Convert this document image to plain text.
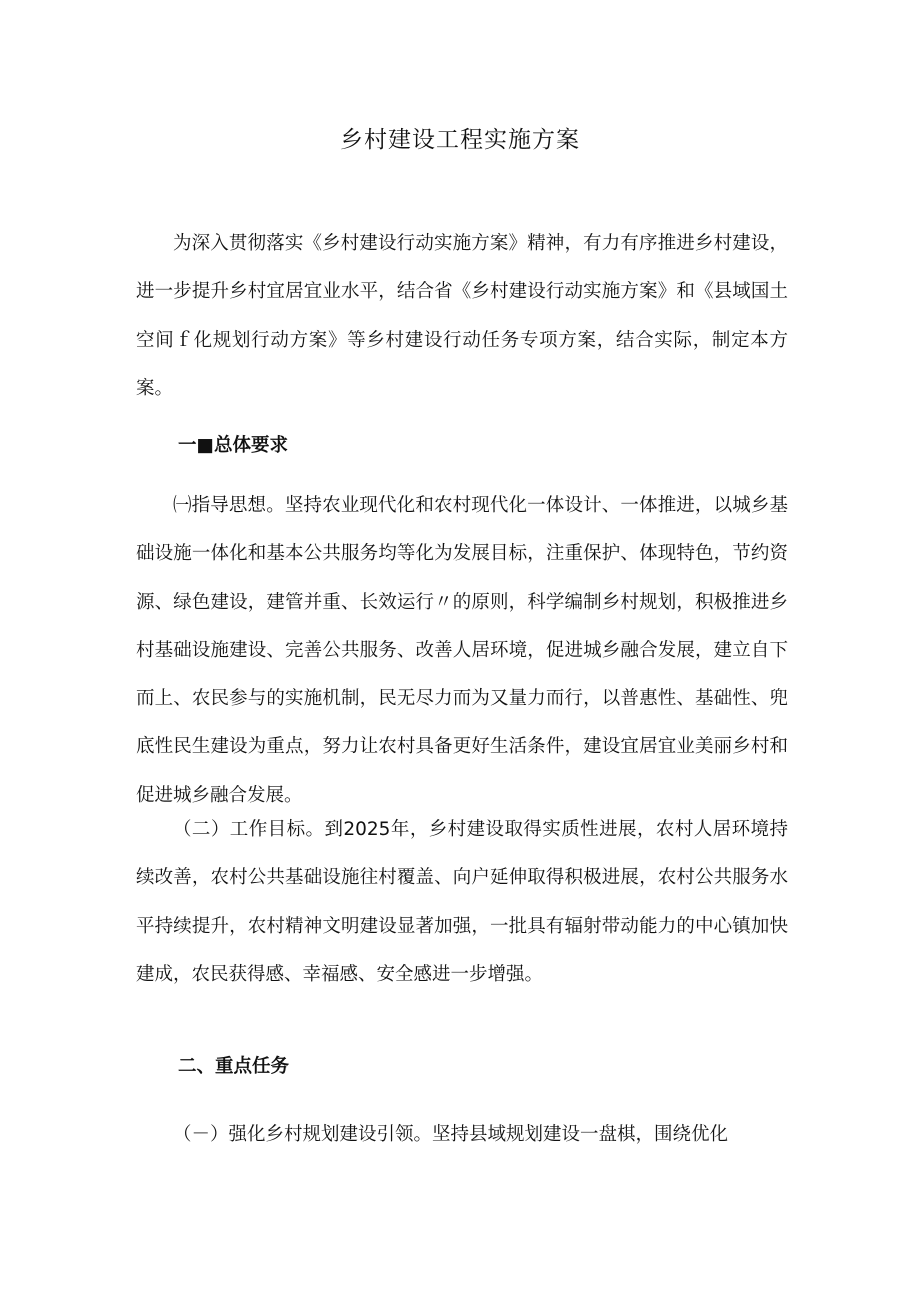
乡村建设工程实施方案

为深入贯彻落实《乡村建设行动实施方案》精神，有力有序推进乡村建设，进一步提升乡村宜居宜业水平，结合省《乡村建设行动实施方案》和《县域国土空间ｆ化规划行动方案》等乡村建设行动任务专项方案，结合实际，制定本方案。

一■总体要求

㈠指导思想。坚持农业现代化和农村现代化一体设计、一体推进，以城乡基础设施一体化和基本公共服务均等化为发展目标，注重保护、体现特色，节约资源、绿色建设，建管并重、长效运行〃的原则，科学编制乡村规划，积极推进乡村基础设施建设、完善公共服务、改善人居环境，促进城乡融合发展，建立自下而上、农民参与的实施机制，民无尽力而为又量力而行，以普惠性、基础性、兜底性民生建设为重点，努力让农村具备更好生活条件，建设宜居宜业美丽乡村和促进城乡融合发展。

（二）工作目标。到2025年，乡村建设取得实质性进展，农村人居环境持续改善，农村公共基础设施往村覆盖、向户延伸取得积极进展，农村公共服务水平持续提升，农村精神文明建设显著加强，一批具有辐射带动能力的中心镇加快建成，农民获得感、幸福感、安全感进一步增强。

二、重点任务

（－）强化乡村规划建设引领。坚持县域规划建设一盘棋，围绕优化
